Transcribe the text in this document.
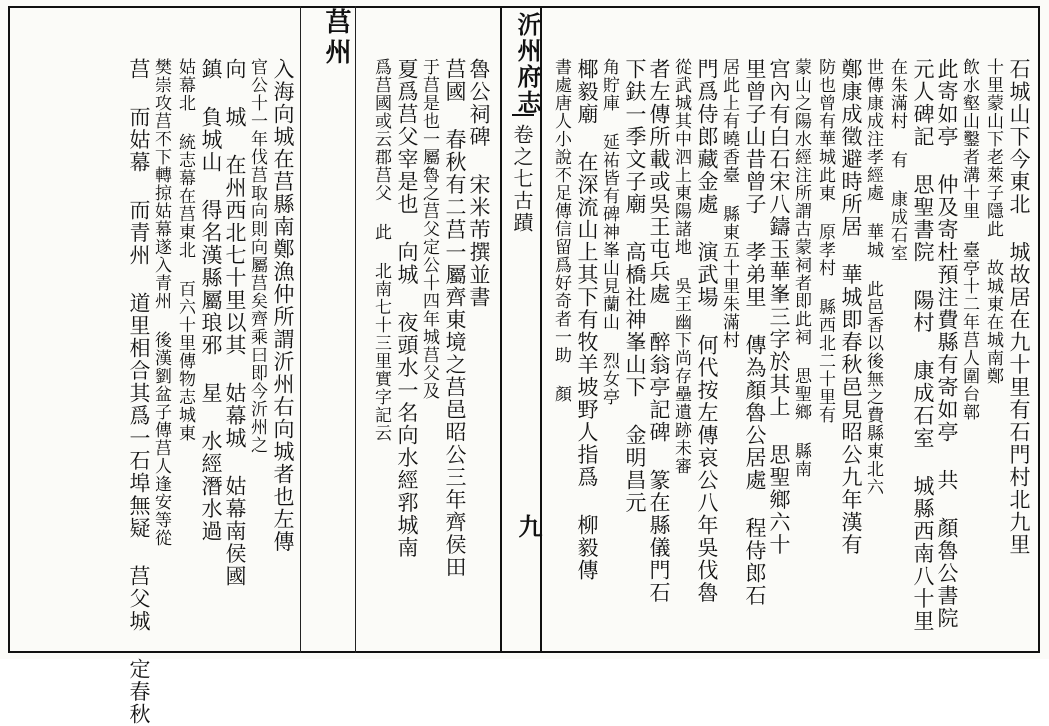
莒州	沂州府志
卷之七古蹟
九	石城山下今東北 城故居在九十里有石門村北九里
十里蒙山下老萊子隱此 故城東在城南鄭
飲水壑山鑿者溝十里 臺亭十二年莒人圍台鄣
此寄如亭 仲及寄杜預注費縣有寄如亭 共 顏魯公書院
元人碑記 思聖書院 陽村 康成石室 城縣西南八十里
在朱滿村 有 康成石室
世傳康成注孝經處 華城 此邑香以後無之費縣東北六
鄭康成徵避時所居 華城即春秋邑見昭公九年漢有
防也曾有華城此東 原孝村 縣西北二十里有
蒙山之陽水經注所謂古蒙祠者即此祠 思聖鄉 縣南
宫內有白石宋八鑄玉華峯三字於其上 思聖鄉六十
里曾子山昔曾子 孝弟里 傳為顏魯公居處 程侍郎石
居此上有曉香臺 縣東五十里朱滿村
門爲侍郎藏金處 演武場 何代按左傳哀公八年吳伐魯
從武城其中泗上東陽諸地 吳王幽下尚存壘遺跡未審
者左傳所載或吳王屯兵處 醉翁亭記碑 篆在縣儀門石
下鈇一季文子廟 高橋社神峯山下 金明昌元
角貯庫 延祐皆有碑神峯山見蘭山 烈女亭
椰毅廟 在深流山上其下有牧羊坡野人指爲 柳毅傳
書處唐人小說不足傳信留爲好奇者一助 顏
魯公祠碑 宋米芾撰並書
莒國 春秋有二莒一屬齊東境之莒邑昭公三年齊侯田
于莒是也一屬魯之莒父定公十四年城莒父及
夏爲莒父宰是也 向城 夜頭水一名向水經郛城南
爲莒國或云郡莒父 此 北南七十三里實字記云
入海向城在莒縣南鄭漁仲所謂沂州右向城者也左傳
官公十一年伐莒取向則向屬莒矣齊乘曰即今沂州之
向 城 在州西北七十里以其 姑幕城 姑幕南侯國
鎮 負城山 得名漢縣屬琅邪 星 水經潛水過
姑幕北 統志幕在莒東北 百六十里傳物志城東
樊崇攻莒不下轉掠姑幕遂入青州 後漢劉盆子傳莒人逢安等從
莒 而姑幕 而青州 道里相合其爲一石埠無疑 莒父城 定春秋
